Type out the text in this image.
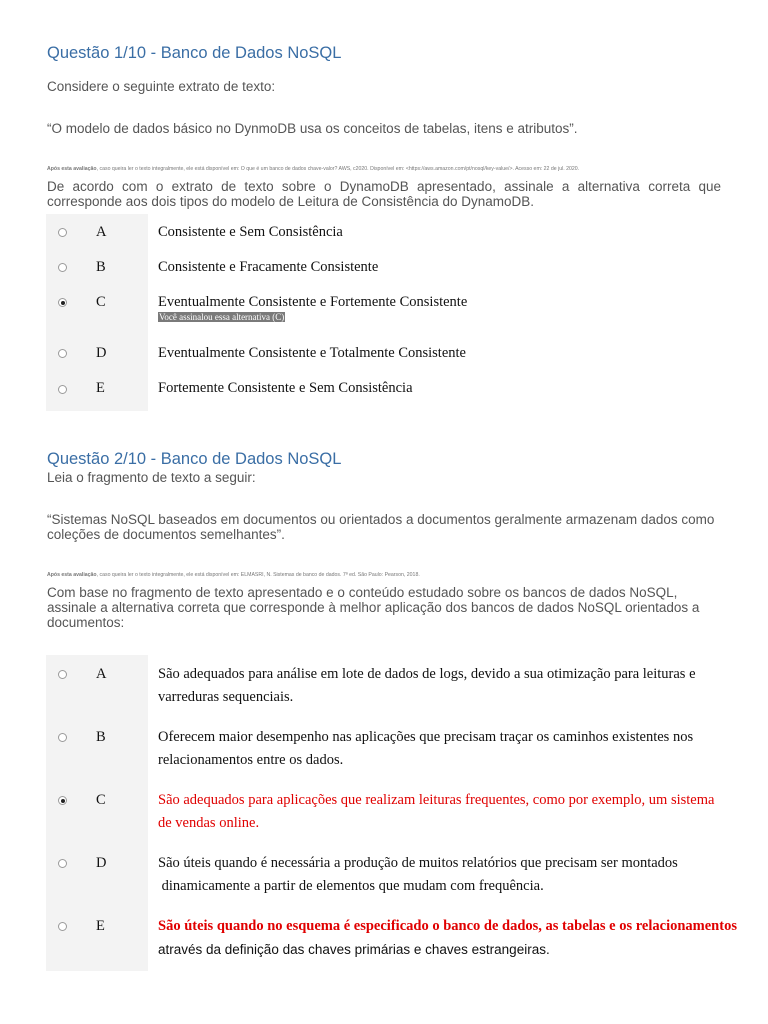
Questão 1/10 - Banco de Dados NoSQL
Considere o seguinte extrato de texto:
“O modelo de dados básico no DynmoDB usa os conceitos de tabelas, itens e atributos”.
Após esta avaliação, caso queira ler o texto integralmente, ele está disponível em: O que é um banco de dados chave-valor? AWS, c2020. Disponível em: <https://aws.amazon.com/pt/nosql/key-value/>. Acesso em: 22 de jul. 2020.
De acordo com o extrato de texto sobre o DynamoDB apresentado, assinale a alternativa correta que corresponde aos dois tipos do modelo de Leitura de Consistência do DynamoDB.
A	Consistente e Sem Consistência
B	Consistente e Fracamente Consistente
C	Eventualmente Consistente e Fortemente Consistente
Você assinalou essa alternativa (C)
D	Eventualmente Consistente e Totalmente Consistente
E	Fortemente Consistente e Sem Consistência
Questão 2/10 - Banco de Dados NoSQL
Leia o fragmento de texto a seguir:
“Sistemas NoSQL baseados em documentos ou orientados a documentos geralmente armazenam dados como coleções de documentos semelhantes”.
Após esta avaliação, caso queira ler o texto integralmente, ele está disponível em: ELMASRI, N. Sistemas de banco de dados. 7ª ed. São Paulo: Pearson, 2018.
Com base no fragmento de texto apresentado e o conteúdo estudado sobre os bancos de dados NoSQL, assinale a alternativa correta que corresponde à melhor aplicação dos bancos de dados NoSQL orientados a documentos:
A	São adequados para análise em lote de dados de logs, devido a sua otimização para leituras e
varreduras sequenciais.
B	Oferecem maior desempenho nas aplicações que precisam traçar os caminhos existentes nos
relacionamentos entre os dados.
C	São adequados para aplicações que realizam leituras frequentes, como por exemplo, um sistema
de vendas online.
D	São úteis quando é necessária a produção de muitos relatórios que precisam ser montados
dinamicamente a partir de elementos que mudam com frequência.
E	São úteis quando no esquema é especificado o banco de dados, as tabelas e os relacionamentos
através da definição das chaves primárias e chaves estrangeiras.
